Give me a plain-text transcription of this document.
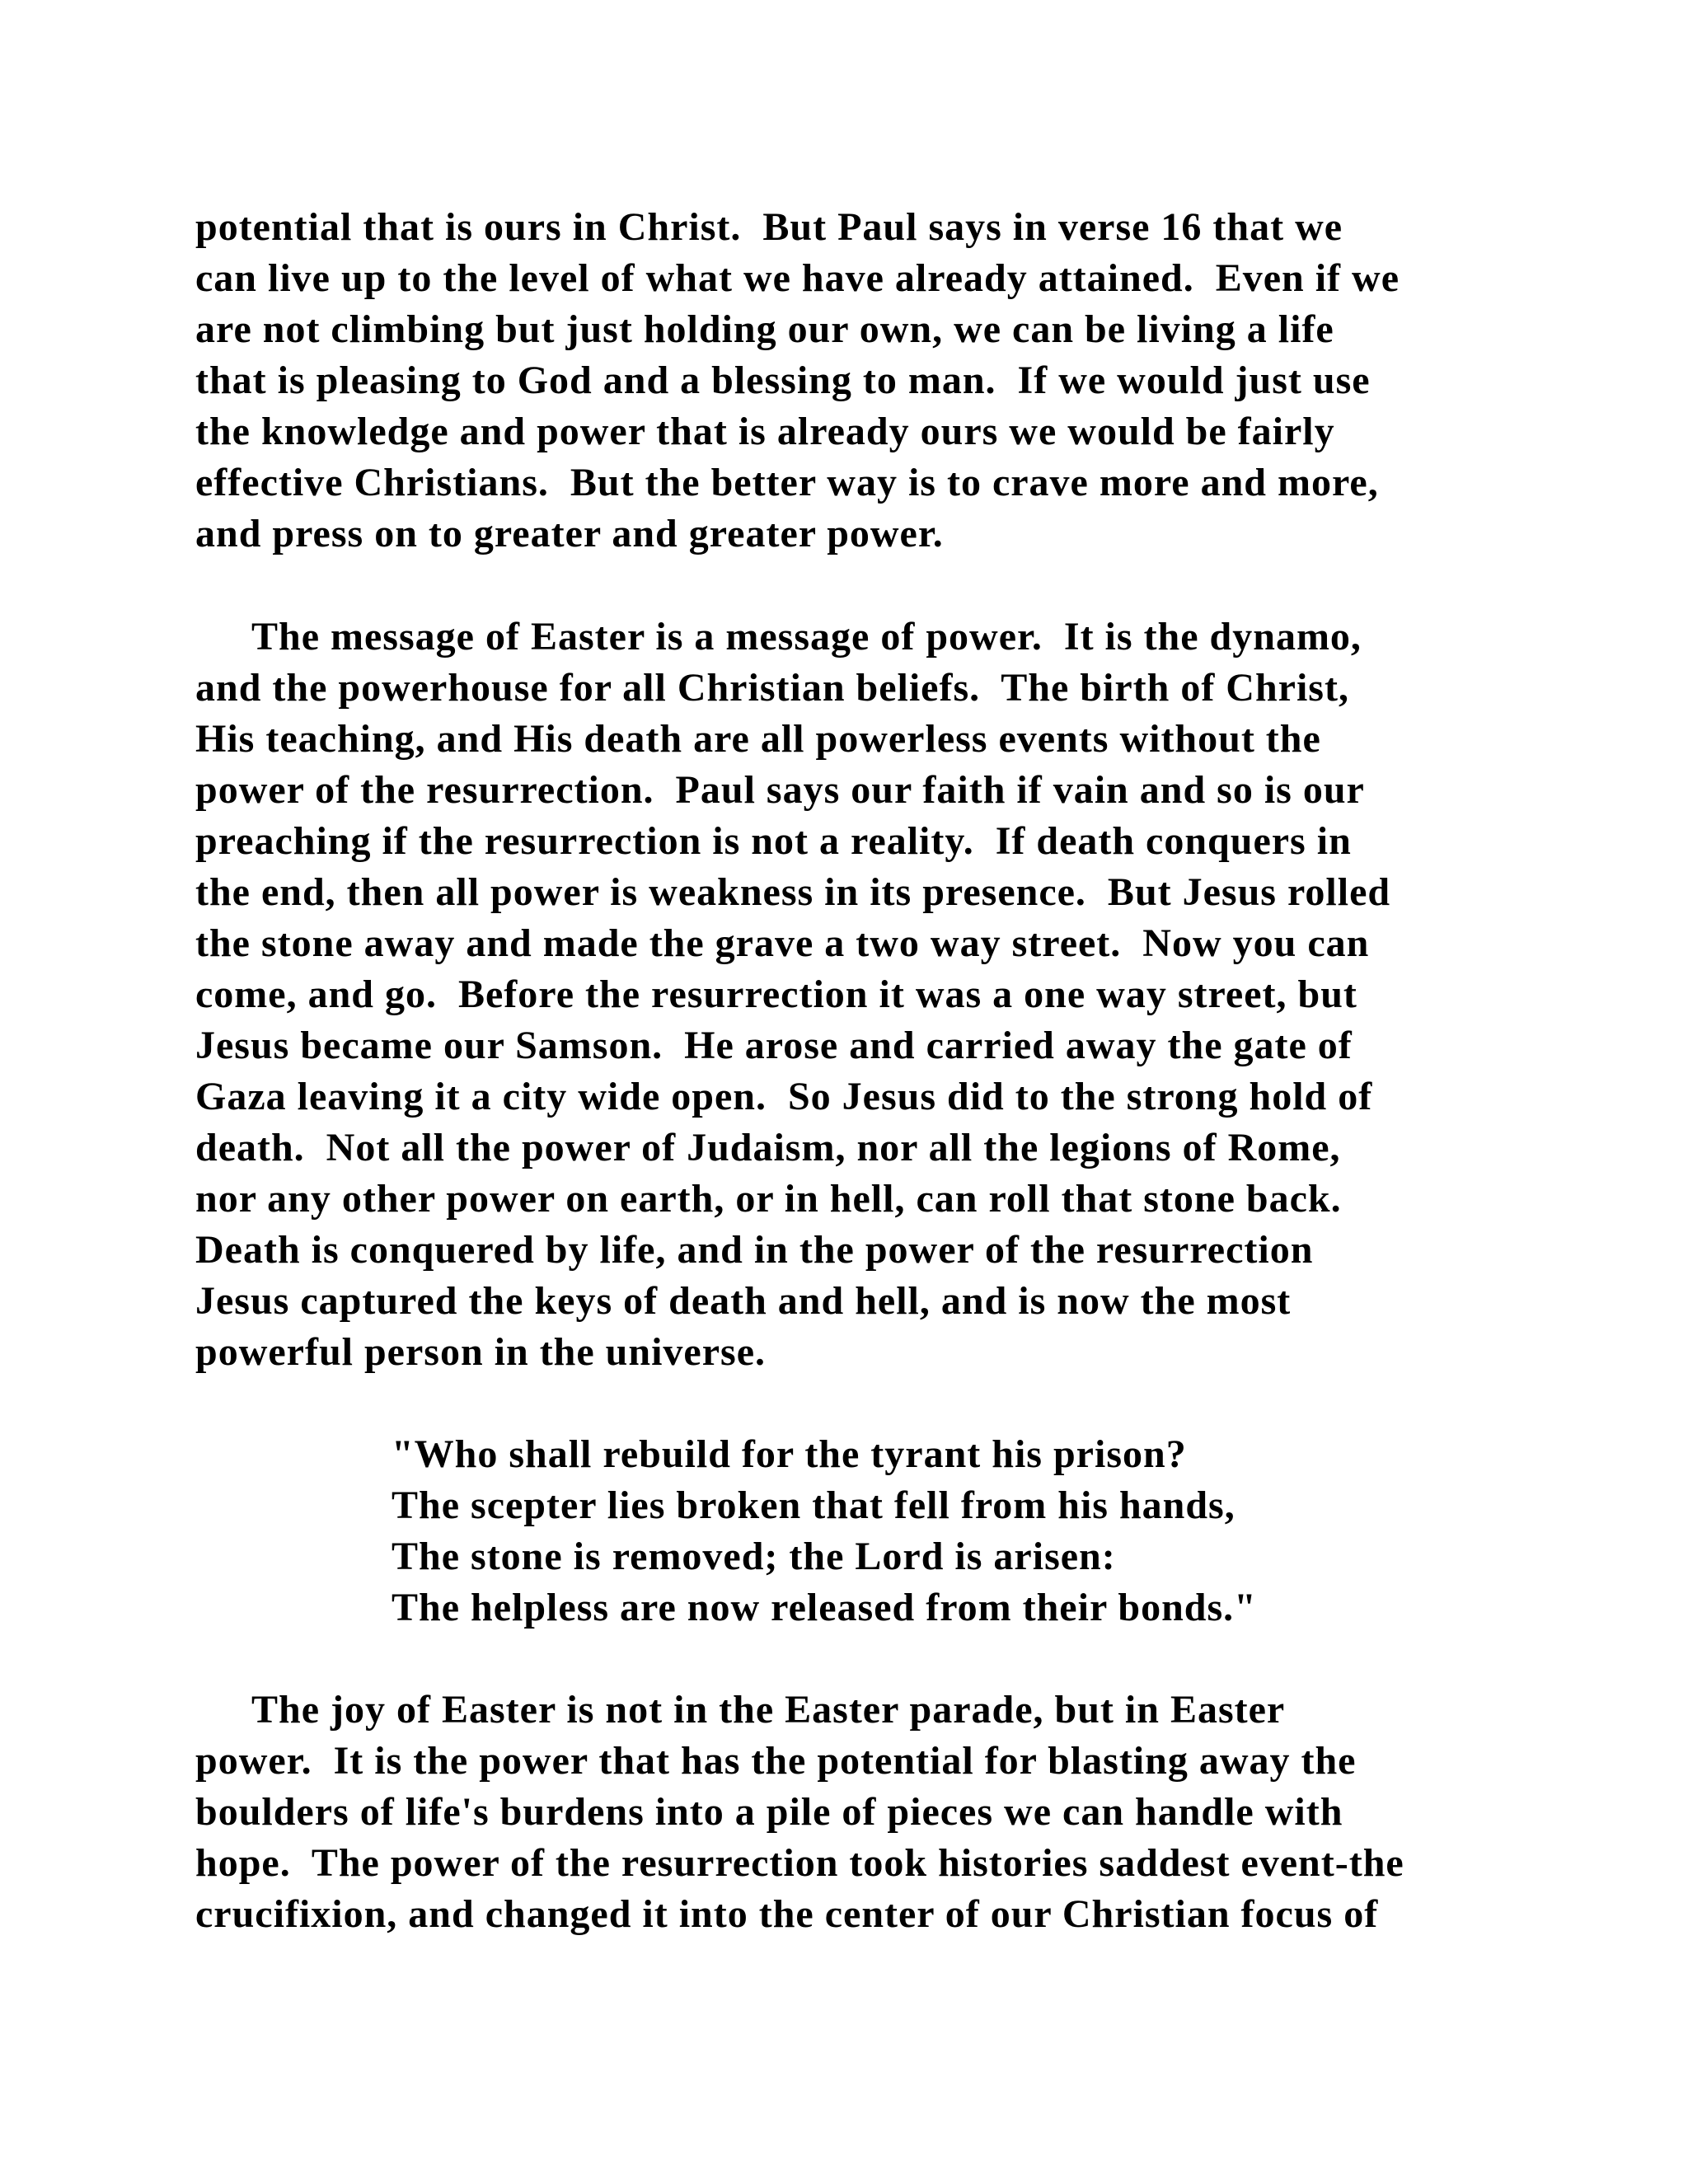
potential that is ours in Christ.  But Paul says in verse 16 that we
can live up to the level of what we have already attained.  Even if we
are not climbing but just holding our own, we can be living a life
that is pleasing to God and a blessing to man.  If we would just use
the knowledge and power that is already ours we would be fairly
effective Christians.  But the better way is to crave more and more,
and press on to greater and greater power.
The message of Easter is a message of power.  It is the dynamo,
and the powerhouse for all Christian beliefs.  The birth of Christ,
His teaching, and His death are all powerless events without the
power of the resurrection.  Paul says our faith if vain and so is our
preaching if the resurrection is not a reality.  If death conquers in
the end, then all power is weakness in its presence.  But Jesus rolled
the stone away and made the grave a two way street.  Now you can
come, and go.  Before the resurrection it was a one way street, but
Jesus became our Samson.  He arose and carried away the gate of
Gaza leaving it a city wide open.  So Jesus did to the strong hold of
death.  Not all the power of Judaism, nor all the legions of Rome,
nor any other power on earth, or in hell, can roll that stone back.
Death is conquered by life, and in the power of the resurrection
Jesus captured the keys of death and hell, and is now the most
powerful person in the universe.
"Who shall rebuild for the tyrant his prison?
The scepter lies broken that fell from his hands,
The stone is removed; the Lord is arisen:
The helpless are now released from their bonds."
The joy of Easter is not in the Easter parade, but in Easter
power.  It is the power that has the potential for blasting away the
boulders of life's burdens into a pile of pieces we can handle with
hope.  The power of the resurrection took histories saddest event-the
crucifixion, and changed it into the center of our Christian focus of
